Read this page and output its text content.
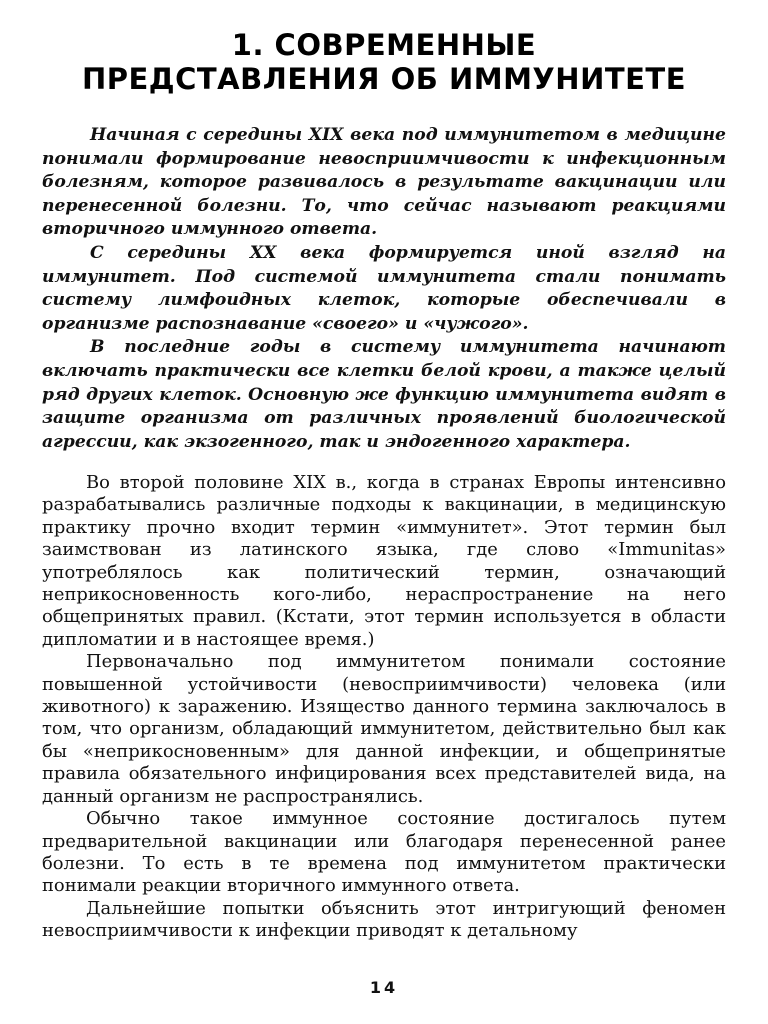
1. СОВРЕМЕННЫЕ
ПРЕДСТАВЛЕНИЯ ОБ ИММУНИТЕТЕ

Начиная с середины XIX века под иммунитетом в медицине понимали формирование невосприимчивости к инфекционным болезням, которое развивалось в результате вакцинации или перенесенной болезни. То, что сейчас называют реакциями вторичного иммунного ответа.

С середины XX века формируется иной взгляд на иммунитет. Под системой иммунитета стали понимать систему лимфоидных клеток, которые обеспечивали в организме распознавание «своего» и «чужого».

В последние годы в систему иммунитета начинают включать практически все клетки белой крови, а также целый ряд других клеток. Основную же функцию иммунитета видят в защите организма от различных проявлений биологической агрессии, как экзогенного, так и эндогенного характера.

Во второй половине XIX в., когда в странах Европы интенсивно разрабатывались различные подходы к вакцинации, в медицинскую практику прочно входит термин «иммунитет». Этот термин был заимствован из латинского языка, где слово «Immunitas» употреблялось как политический термин, означающий неприкосновенность кого-либо, нераспространение на него общепринятых правил. (Кстати, этот термин используется в области дипломатии и в настоящее время.)

Первоначально под иммунитетом понимали состояние повышенной устойчивости (невосприимчивости) человека (или животного) к заражению. Изящество данного термина заключалось в том, что организм, обладающий иммунитетом, действительно был как бы «неприкосновенным» для данной инфекции, и общепринятые правила обязательного инфицирования всех представителей вида, на данный организм не распространялись.

Обычно такое иммунное состояние достигалось путем предварительной вакцинации или благодаря перенесенной ранее болезни. То есть в те времена под иммунитетом практически понимали реакции вторичного иммунного ответа.

Дальнейшие попытки объяснить этот интригующий феномен невосприимчивости к инфекции приводят к детальному

14
